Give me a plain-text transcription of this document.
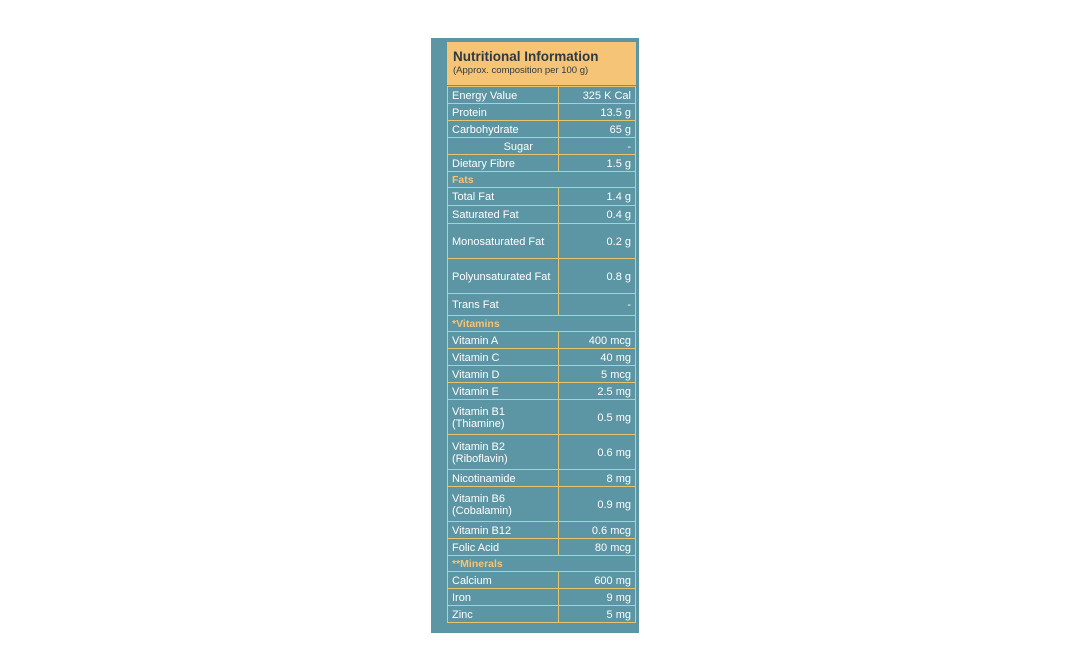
Nutritional Information
(Approx. composition per 100 g)
Energy Value	325 K Cal
Protein	13.5 g
Carbohydrate	65 g
Sugar	-
Dietary Fibre	1.5 g
Fats	
Total Fat	1.4 g
Saturated Fat	0.4 g
Monosaturated Fat	0.2 g
Polyunsaturated Fat	0.8 g
Trans Fat	-
*Vitamins	
Vitamin A	400 mcg
Vitamin C	40 mg
Vitamin D	5 mcg
Vitamin E	2.5 mg
Vitamin B1 (Thiamine)	0.5 mg
Vitamin B2 (Riboflavin)	0.6 mg
Nicotinamide	8 mg
Vitamin B6 (Cobalamin)	0.9 mg
Vitamin B12	0.6 mcg
Folic Acid	80 mcg
**Minerals	
Calcium	600 mg
Iron	9 mg
Zinc	5 mg
